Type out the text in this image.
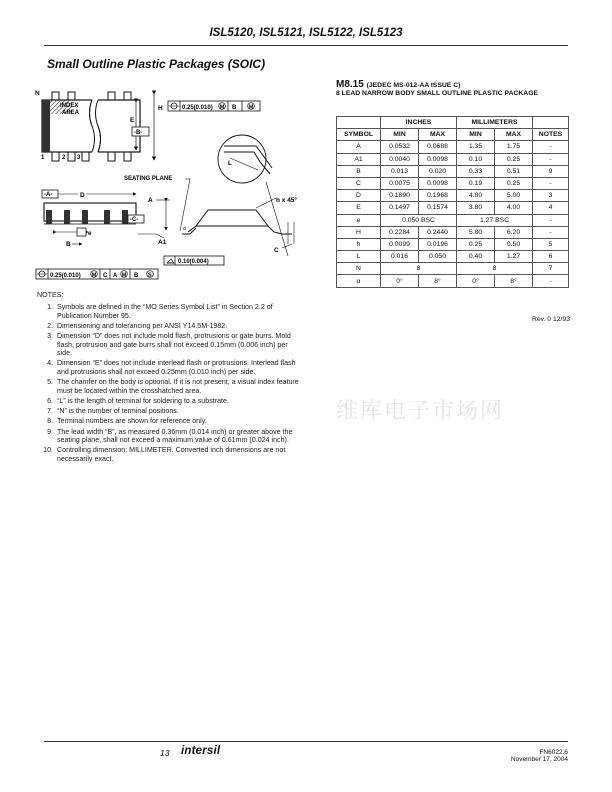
ISL5120, ISL5121, ISL5122, ISL5123
Small Outline Plastic Packages (SOIC)
N
INDEX
AREA
1	2 3
E
-B-
H	0.25(0.010) M B M
L
SEATING PLANE
-A-	D
-C-
A
e
B	A1
h x 45°
α
C
0.10(0.004)
0.25(0.010) M C A M B S
NOTES:
1. Symbols are defined in the “MO Series Symbol List” in Section 2.2 of Publication Number 95.
2. Dimensioning and tolerancing per ANSI Y14.5M-1982.
3. Dimension “D” does not include mold flash, protrusions or gate burrs. Mold flash, protrusion and gate burrs shall not exceed 0.15mm (0.006 inch) per side.
4. Dimension “E” does not include interlead flash or protrusions. Interlead flash and protrusions shall not exceed 0.25mm (0.010 inch) per side.
5. The chamfer on the body is optional. If it is not present, a visual index feature must be located within the crosshatched area.
6. “L” is the length of terminal for soldering to a substrate.
7. “N” is the number of terminal positions.
8. Terminal numbers are shown for reference only.
9. The lead width “B”, as measured 0.36mm (0.014 inch) or greater above the seating plane, shall not exceed a maximum value of 0.61mm (0.024 inch).
10. Controlling dimension: MILLIMETER. Converted inch dimensions are not necessarily exact.
M8.15 (JEDEC MS-012-AA ISSUE C)
8 LEAD NARROW BODY SMALL OUTLINE PLASTIC PACKAGE
	INCHES		MILLIMETERS		
SYMBOL	MIN	MAX	MIN	MAX	NOTES
A	0.0532	0.0688	1.35	1.75	-
A1	0.0040	0.0098	0.10	0.25	-
B	0.013	0.020	0.33	0.51	9
C	0.0075	0.0098	0.19	0.25	-
D	0.1890	0.1968	4.80	5.00	3
E	0.1497	0.1574	3.80	4.00	4
e	0.050 BSC		1.27 BSC		-
H	0.2284	0.2440	5.80	6.20	-
h	0.0099	0.0196	0.25	0.50	5
L	0.016	0.050	0.40	1.27	6
N	8		8		7
α	0°	8°	0°	8°	-
Rev. 0 12/93
维库电子市场网
13 intersil	FN6022.6
November 17, 2004
